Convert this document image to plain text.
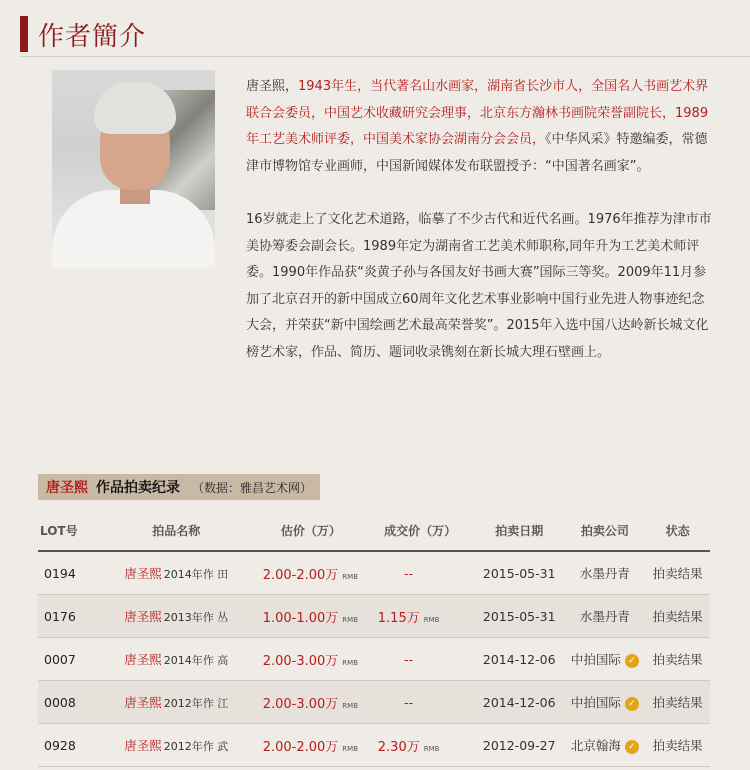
作者簡介

唐圣熙，1943年生，当代著名山水画家，湖南省长沙市人，全国名人书画艺术界联合会委员，中国艺术收藏研究会理事，北京东方瀚林书画院荣誉副院长，1989年工艺美术师评委，中国美术家协会湖南分会会员，《中华风采》特邀编委，常德津市博物馆专业画师，中国新闻媒体发布联盟授予：“中国著名画家”。

16岁就走上了文化艺术道路，临摹了不少古代和近代名画。1976年推荐为津市市美协筹委会副会长。1989年定为湖南省工艺美术师职称,同年升为工艺美术师评委。1990年作品获“炎黄子孙与各国友好书画大赛”国际三等奖。2009年11月参加了北京召开的新中国成立60周年文化艺术事业影响中国行业先进人物事迹纪念大会，并荣获“新中国绘画艺术最高荣誉奖”。2015年入选中国八达岭新长城文化榜艺术家，作品、简历、题词收录镌刻在新长城大理石壁画上。

唐圣熙 作品拍卖纪录 （数据：雅昌艺术网）
LOT号	拍品名称	估价（万）	成交价（万）	拍卖日期	拍卖公司	状态
0194	唐圣熙 2014年作 田	2.00-2.00万 RMB	--	2015-05-31	水墨丹青	拍卖结果
0176	唐圣熙 2013年作 丛	1.00-1.00万 RMB	1.15万 RMB	2015-05-31	水墨丹青	拍卖结果
0007	唐圣熙 2014年作 高	2.00-3.00万 RMB	--	2014-12-06	中拍国际 ✓	拍卖结果
0008	唐圣熙 2012年作 江	2.00-3.00万 RMB	--	2014-12-06	中拍国际 ✓	拍卖结果
0928	唐圣熙 2012年作 武	2.00-2.00万 RMB	2.30万 RMB	2012-09-27	北京翰海 ✓	拍卖结果
